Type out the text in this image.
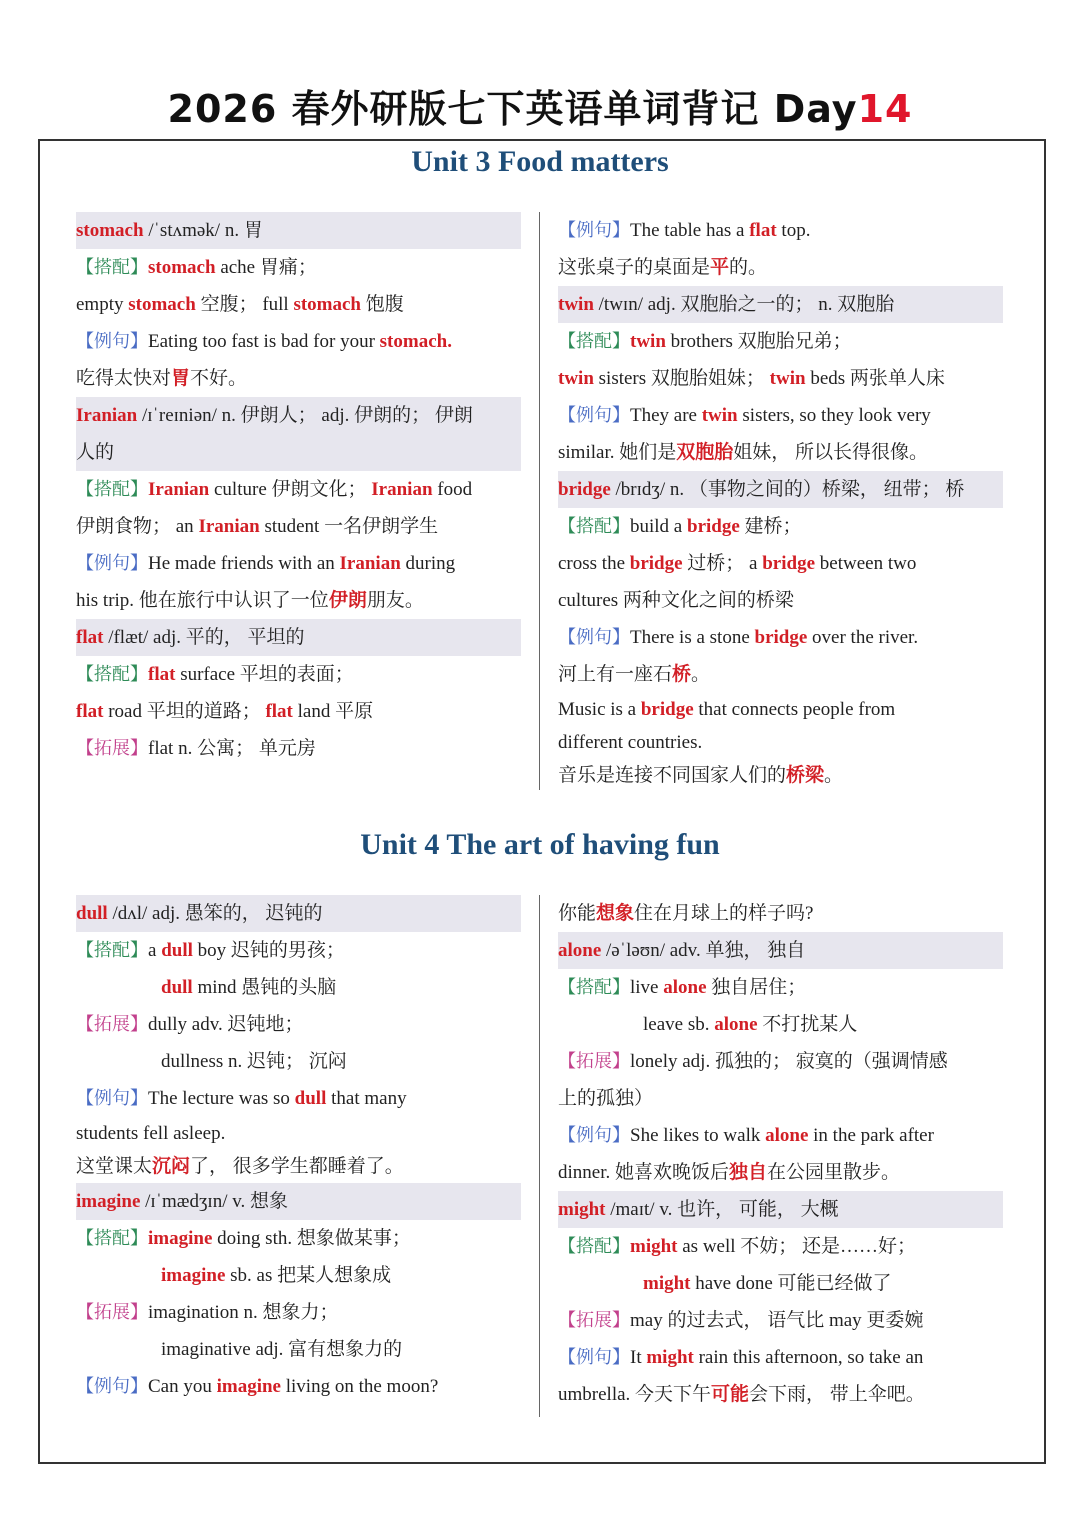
2026 春外研版七下英语单词背记 Day14
Unit 3 Food matters
stomach /ˈstʌmək/ n. 胃
【搭配】stomach ache 胃痛；
empty stomach 空腹； full stomach 饱腹
【例句】Eating too fast is bad for your stomach.
吃得太快对胃不好。
Iranian /ɪˈreɪniən/ n. 伊朗人； adj. 伊朗的； 伊朗
人的
【搭配】Iranian culture 伊朗文化； Iranian food
伊朗食物； an Iranian student 一名伊朗学生
【例句】He made friends with an Iranian during
his trip. 他在旅行中认识了一位伊朗朋友。
flat /flæt/ adj. 平的， 平坦的
【搭配】flat surface 平坦的表面；
flat road 平坦的道路； flat land 平原
【拓展】flat n. 公寓； 单元房
【例句】The table has a flat top.
这张桌子的桌面是平的。
twin /twɪn/ adj. 双胞胎之一的； n. 双胞胎
【搭配】twin brothers 双胞胎兄弟；
twin sisters 双胞胎姐妹； twin beds 两张单人床
【例句】They are twin sisters, so they look very
similar. 她们是双胞胎姐妹， 所以长得很像。
bridge /brɪdʒ/ n. （事物之间的）桥梁， 纽带； 桥
【搭配】build a bridge 建桥；
cross the bridge 过桥； a bridge between two
cultures 两种文化之间的桥梁
【例句】There is a stone bridge over the river.
河上有一座石桥。
Music is a bridge that connects people from
different countries.
音乐是连接不同国家人们的桥梁。
Unit 4 The art of having fun
dull /dʌl/ adj. 愚笨的， 迟钝的
【搭配】a dull boy 迟钝的男孩；
dull mind 愚钝的头脑
【拓展】dully adv. 迟钝地；
dullness n. 迟钝； 沉闷
【例句】The lecture was so dull that many
students fell asleep.
这堂课太沉闷了， 很多学生都睡着了。
imagine /ɪˈmædʒɪn/ v. 想象
【搭配】imagine doing sth. 想象做某事；
imagine sb. as 把某人想象成
【拓展】imagination n. 想象力；
imaginative adj. 富有想象力的
【例句】Can you imagine living on the moon?
你能想象住在月球上的样子吗?
alone /əˈləʊn/ adv. 单独， 独自
【搭配】live alone 独自居住；
leave sb. alone 不打扰某人
【拓展】lonely adj. 孤独的； 寂寞的（强调情感
上的孤独）
【例句】She likes to walk alone in the park after
dinner. 她喜欢晚饭后独自在公园里散步。
might /maɪt/ v. 也许， 可能， 大概
【搭配】might as well 不妨； 还是……好；
might have done 可能已经做了
【拓展】may 的过去式， 语气比 may 更委婉
【例句】It might rain this afternoon, so take an
umbrella. 今天下午可能会下雨， 带上伞吧。
